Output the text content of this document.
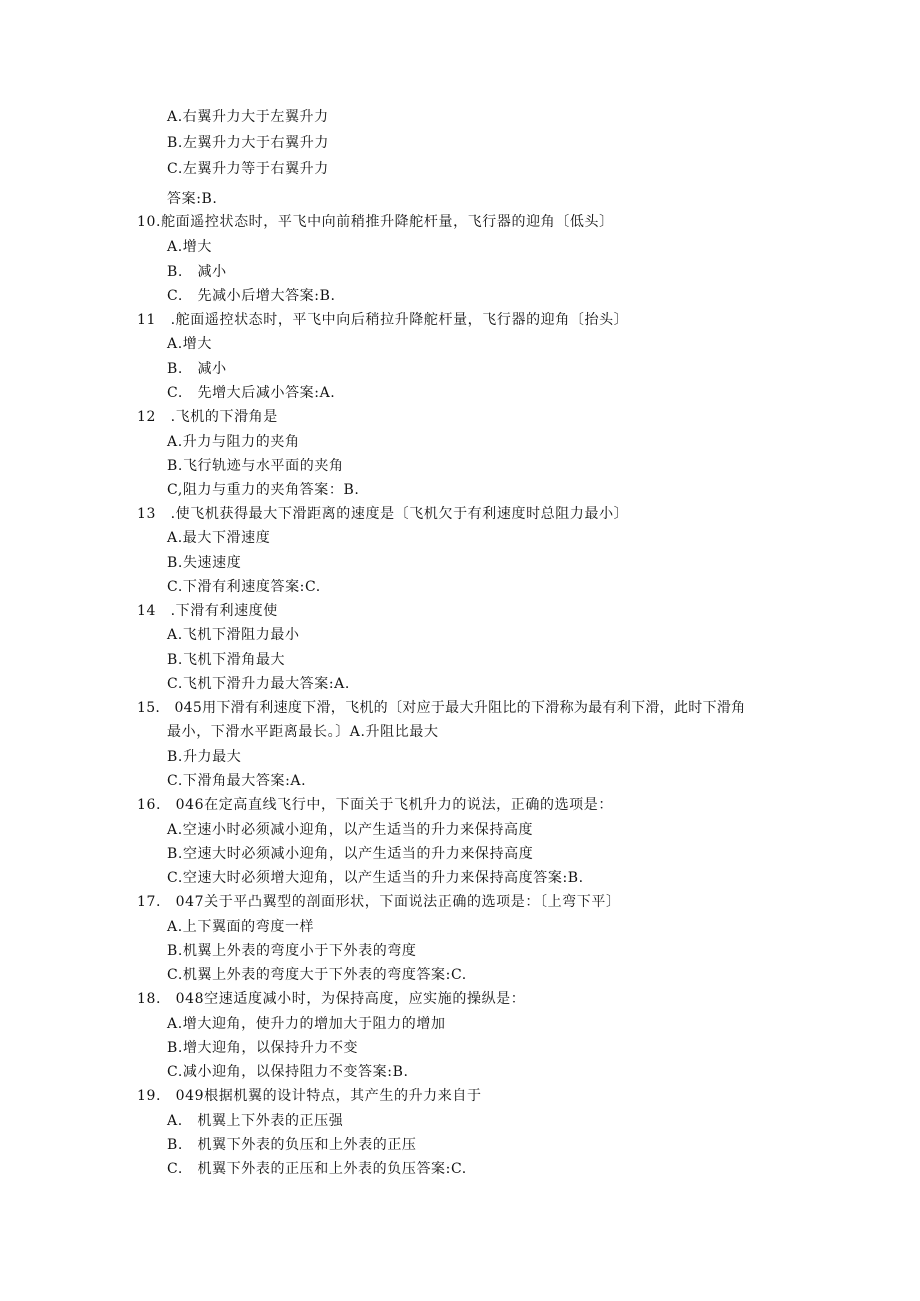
A.右翼升力大于左翼升力
B.左翼升力大于右翼升力
C.左翼升力等于右翼升力
答案:B.
10.舵面遥控状态时，平飞中向前稍推升降舵杆量，飞行器的迎角〔低头〕
A.增大
B.　减小
C.　先减小后增大答案:B.
11　.舵面遥控状态时，平飞中向后稍拉升降舵杆量，飞行器的迎角〔抬头〕
A.增大
B.　减小
C.　先增大后减小答案:A.
12　.飞机的下滑角是
A.升力与阻力的夹角
B.飞行轨迹与水平面的夹角
C,阻力与重力的夹角答案：B.
13　.使飞机获得最大下滑距离的速度是〔飞机欠于有利速度时总阻力最小〕
A.最大下滑速度
B.失速速度
C.下滑有利速度答案:C.
14　.下滑有利速度使
A.飞机下滑阻力最小
B.飞机下滑角最大
C.飞机下滑升力最大答案:A.
15.　045用下滑有利速度下滑，飞机的〔对应于最大升阻比的下滑称为最有利下滑，此时下滑角
最小，下滑水平距离最长。〕A.升阻比最大
B.升力最大
C.下滑角最大答案:A.
16.　046在定高直线飞行中，下面关于飞机升力的说法，正确的选项是：
A.空速小时必须减小迎角，以产生适当的升力来保持高度
B.空速大时必须减小迎角，以产生适当的升力来保持高度
C.空速大时必须增大迎角，以产生适当的升力来保持高度答案:B.
17.　047关于平凸翼型的剖面形状，下面说法正确的选项是：〔上弯下平〕
A.上下翼面的弯度一样
B.机翼上外表的弯度小于下外表的弯度
C.机翼上外表的弯度大于下外表的弯度答案:C.
18.　048空速适度减小时，为保持高度，应实施的操纵是：
A.增大迎角，使升力的增加大于阻力的增加
B.增大迎角，以保持升力不变
C.减小迎角，以保持阻力不变答案:B.
19.　049根据机翼的设计特点，其产生的升力来自于
A.　机翼上下外表的正压强
B.　机翼下外表的负压和上外表的正压
C.　机翼下外表的正压和上外表的负压答案:C.
